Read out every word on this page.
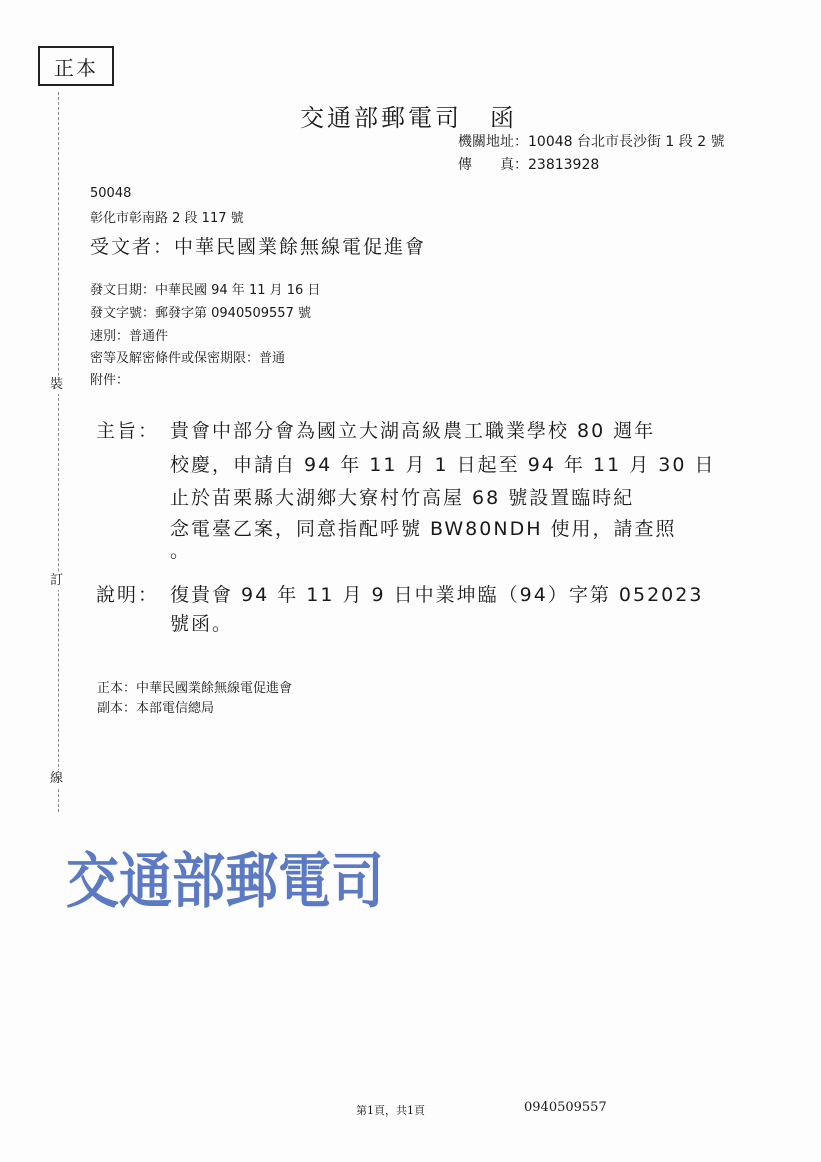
正本
裝
訂
線
交通部郵電司 函
機關地址：10048 台北市長沙街 1 段 2 號
傳　　真：23813928
50048
彰化市彰南路 2 段 117 號
受文者：中華民國業餘無線電促進會
發文日期：中華民國 94 年 11 月 16 日
發文字號：郵發字第 0940509557 號
速別：普通件
密等及解密條件或保密期限：普通
附件：
主旨： 貴會中部分會為國立大湖高級農工職業學校 80 週年
校慶，申請自 94 年 11 月 1 日起至 94 年 11 月 30 日
止於苗栗縣大湖鄉大寮村竹高屋 68 號設置臨時紀
念電臺乙案，同意指配呼號 BW80NDH 使用，請查照
。
說明： 復貴會 94 年 11 月 9 日中業坤臨（94）字第 052023
號函。
正本：中華民國業餘無線電促進會
副本：本部電信總局
交通部郵電司
第1頁，共1頁	0940509557
